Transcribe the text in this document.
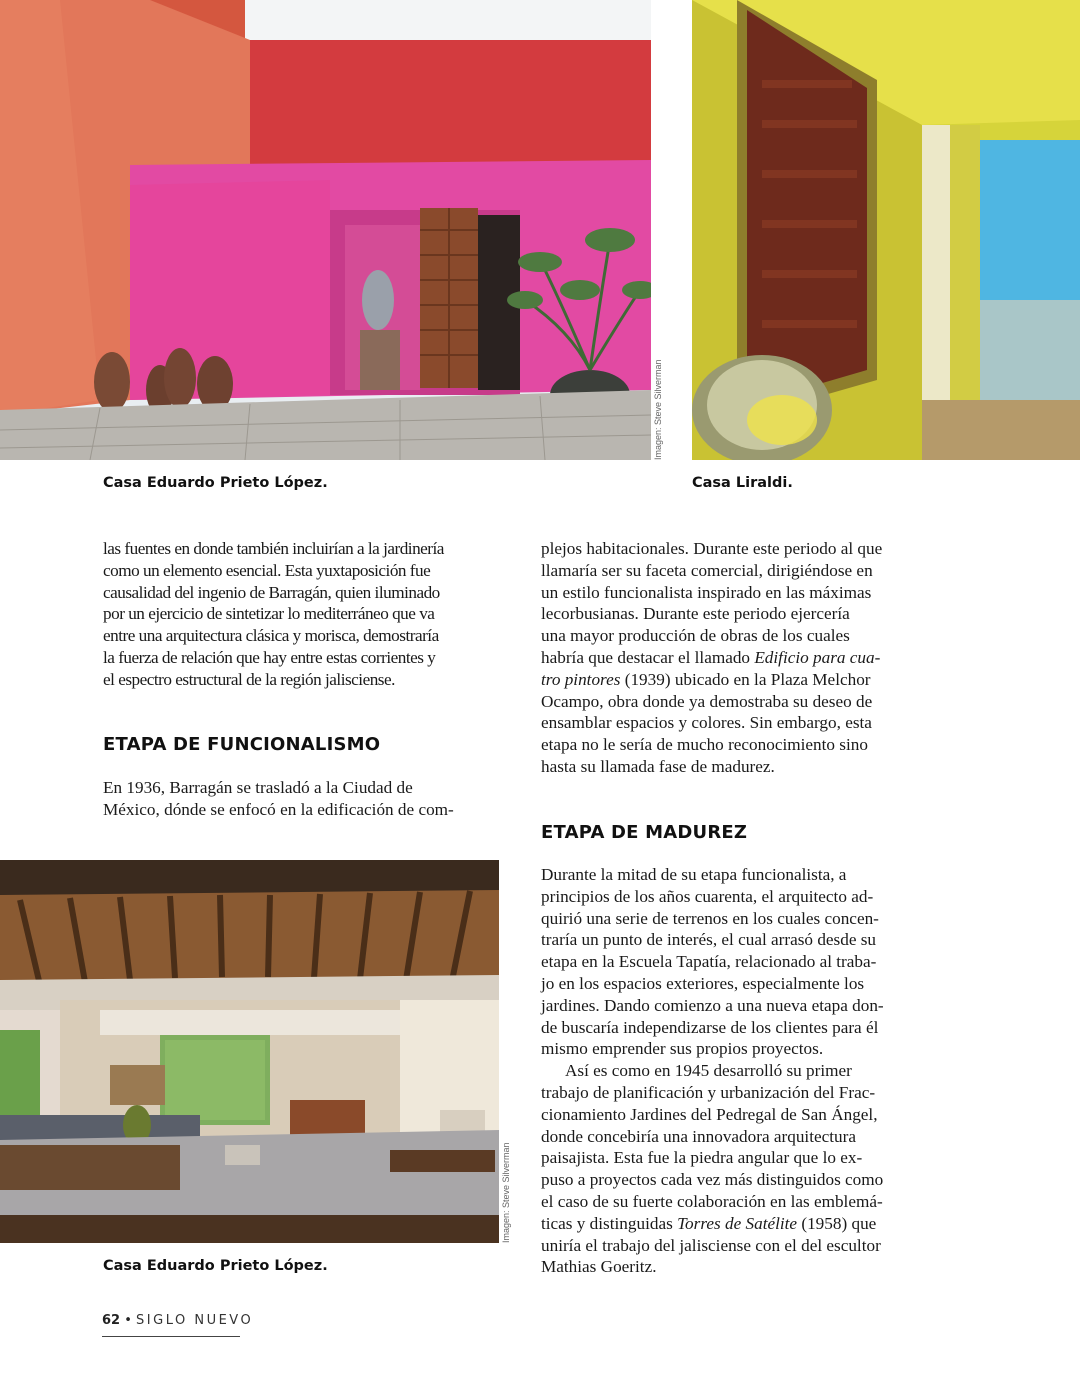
Imagen: Steve Silverman
Casa Eduardo Prieto López.	Casa Liraldi.
las fuentes en donde también incluirían a la jardinería
como un elemento esencial. Esta yuxtaposición fue
causalidad del ingenio de Barragán, quien iluminado
por un ejercicio de sintetizar lo mediterráneo que va
entre una arquitectura clásica y morisca, demostraría
la fuerza de relación que hay entre estas corrientes y
el espectro estructural de la región jalisciense.
ETAPA DE FUNCIONALISMO
En 1936, Barragán se trasladó a la Ciudad de
México, dónde se enfocó en la edificación de com-
Imagen: Steve Silverman
Casa Eduardo Prieto López.
plejos habitacionales. Durante este periodo al que
llamaría ser su faceta comercial, dirigiéndose en
un estilo funcionalista inspirado en las máximas
lecorbusianas. Durante este periodo ejercería
una mayor producción de obras de los cuales
habría que destacar el llamado Edificio para cua-
tro pintores (1939) ubicado en la Plaza Melchor
Ocampo, obra donde ya demostraba su deseo de
ensamblar espacios y colores. Sin embargo, esta
etapa no le sería de mucho reconocimiento sino
hasta su llamada fase de madurez.
ETAPA DE MADUREZ
Durante la mitad de su etapa funcionalista, a
principios de los años cuarenta, el arquitecto ad-
quirió una serie de terrenos en los cuales concen-
traría un punto de interés, el cual arrasó desde su
etapa en la Escuela Tapatía, relacionado al traba-
jo en los espacios exteriores, especialmente los
jardines. Dando comienzo a una nueva etapa don-
de buscaría independizarse de los clientes para él
mismo emprender sus propios proyectos.
Así es como en 1945 desarrolló su primer
trabajo de planificación y urbanización del Frac-
cionamiento Jardines del Pedregal de San Ángel,
donde concebiría una innovadora arquitectura
paisajista. Esta fue la piedra angular que lo ex-
puso a proyectos cada vez más distinguidos como
el caso de su fuerte colaboración en las emblemá-
ticas y distinguidas Torres de Satélite (1958) que
uniría el trabajo del jalisciense con el del escultor
Mathias Goeritz.
62 • SIGLO NUEVO
